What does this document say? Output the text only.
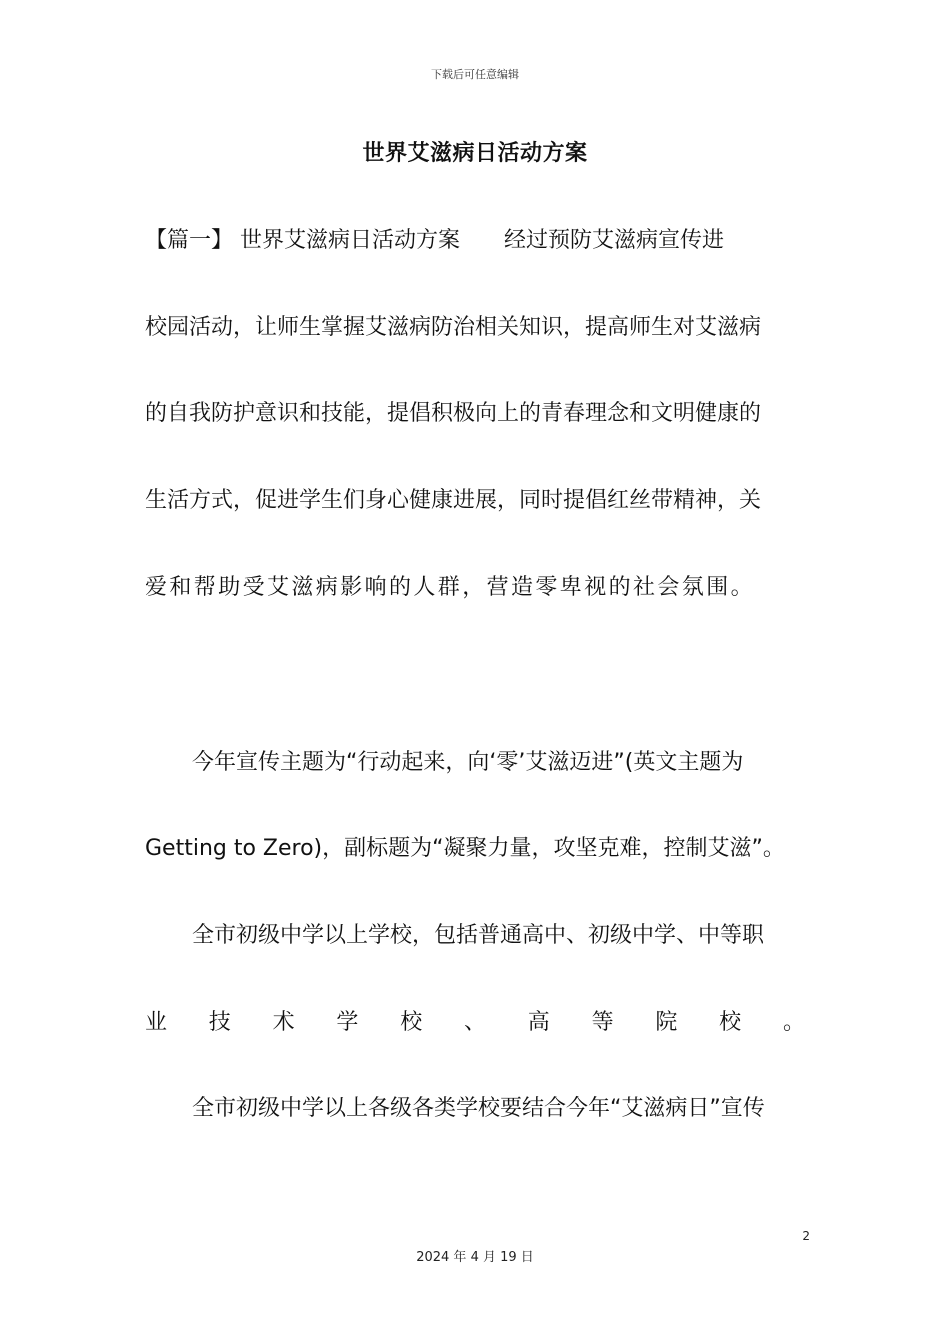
下载后可任意编辑
世界艾滋病日活动方案
【篇一】 世界艾滋病日活动方案 经过预防艾滋病宣传进
校园活动，让师生掌握艾滋病防治相关知识，提高师生对艾滋病
的自我防护意识和技能，提倡积极向上的青春理念和文明健康的
生活方式，促进学生们身心健康进展，同时提倡红丝带精神，关
爱和帮助受艾滋病影响的人群，营造零卑视的社会氛围。
今年宣传主题为“行动起来，向‘零’艾滋迈进”(英文主题为
Getting to Zero)，副标题为“凝聚力量，攻坚克难，控制艾滋”。
全市初级中学以上学校，包括普通高中、初级中学、中等职
业 技 术 学 校 、 高 等 院 校 。
全市初级中学以上各级各类学校要结合今年“艾滋病日”宣传
2
2024 年 4 月 19 日
